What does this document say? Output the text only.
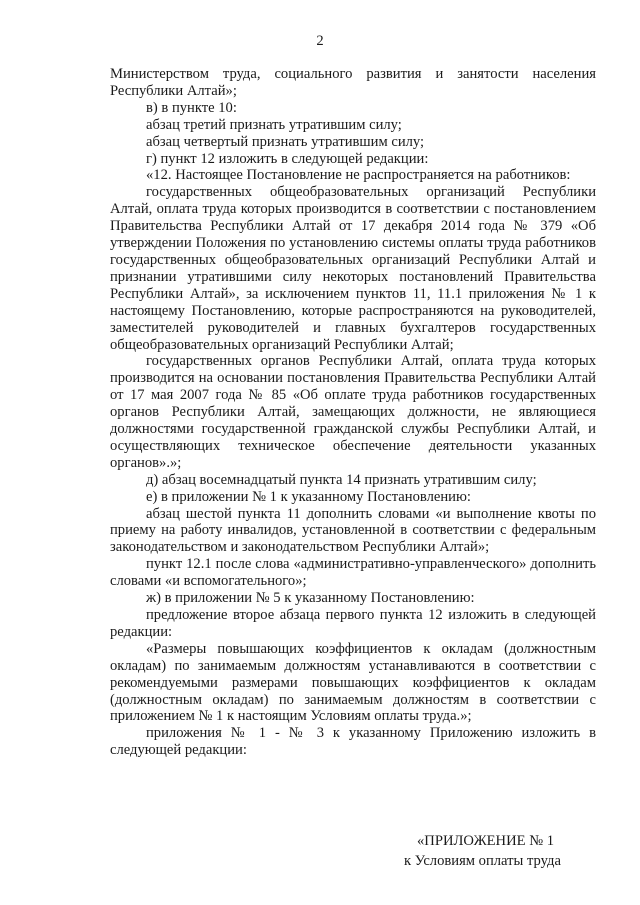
2

Министерством труда, социального развития и занятости населения Республики Алтай»;

в) в пункте 10:

абзац третий признать утратившим силу;

абзац четвертый признать утратившим силу;

г) пункт 12 изложить в следующей редакции:

«12. Настоящее Постановление не распространяется на работников:

государственных общеобразовательных организаций Республики Алтай, оплата труда которых производится в соответствии с постановлением Правительства Республики Алтай от 17 декабря 2014 года № 379 «Об утверждении Положения по установлению системы оплаты труда работников государственных общеобразовательных организаций Республики Алтай и признании утратившими силу некоторых постановлений Правительства Республики Алтай», за исключением пунктов 11, 11.1 приложения № 1 к настоящему Постановлению, которые распространяются на руководителей, заместителей руководителей и главных бухгалтеров государственных общеобразовательных организаций Республики Алтай;

государственных органов Республики Алтай, оплата труда которых производится на основании постановления Правительства Республики Алтай от 17 мая 2007 года № 85 «Об оплате труда работников государственных органов Республики Алтай, замещающих должности, не являющиеся должностями государственной гражданской службы Республики Алтай, и осуществляющих техническое обеспечение деятельности указанных органов».»;

д) абзац восемнадцатый пункта 14 признать утратившим силу;

е) в приложении № 1 к указанному Постановлению:

абзац шестой пункта 11 дополнить словами «и выполнение квоты по приему на работу инвалидов, установленной в соответствии с федеральным законодательством и законодательством Республики Алтай»;

пункт 12.1 после слова «административно-управленческого» дополнить словами «и вспомогательного»;

ж) в приложении № 5 к указанному Постановлению:

предложение второе абзаца первого пункта 12 изложить в следующей редакции:

«Размеры повышающих коэффициентов к окладам (должностным окладам) по занимаемым должностям устанавливаются в соответствии с рекомендуемыми размерами повышающих коэффициентов к окладам (должностным окладам) по занимаемым должностям в соответствии с приложением № 1 к настоящим Условиям оплаты труда.»;

приложения № 1 - № 3 к указанному Приложению изложить в следующей редакции:

«ПРИЛОЖЕНИЕ № 1
к Условиям оплаты труда
